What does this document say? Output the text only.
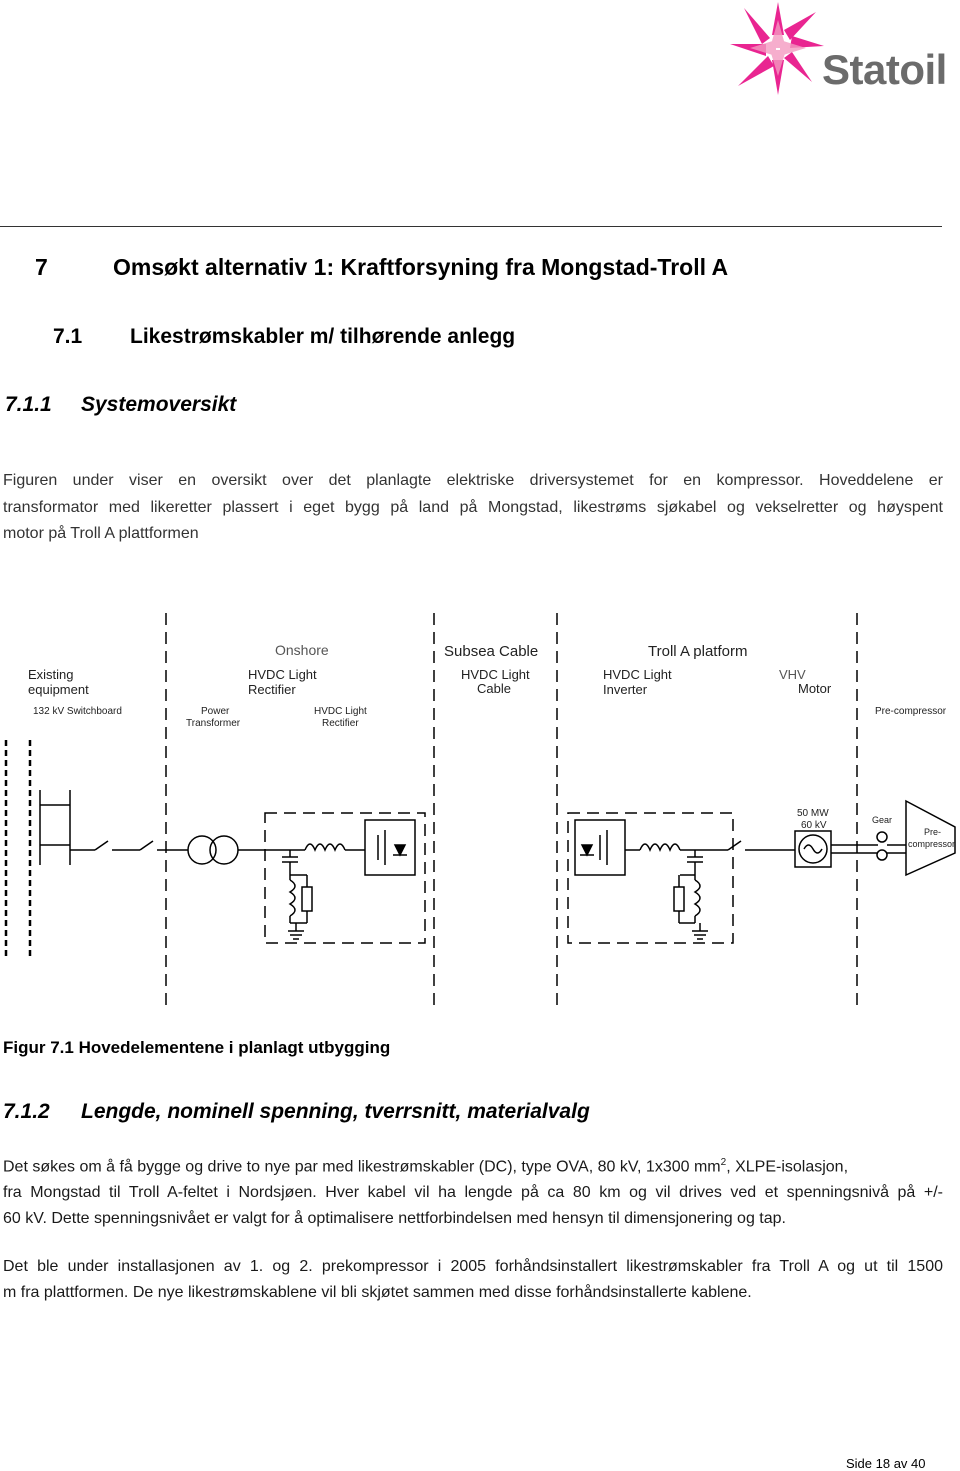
Statoil
7	Omsøkt alternativ 1: Kraftforsyning fra Mongstad-Troll A
7.1 Likestrømskabler m/ tilhørende anlegg
7.1.1 Systemoversikt
Figuren under viser en oversikt over det planlagte elektriske driversystemet for en kompressor. Hoveddelene er
transformator med likeretter plassert i eget bygg på land på Mongstad, likestrøms sjøkabel og vekselretter og høyspent
motor på Troll A plattformen
Onshore	Subsea Cable	Troll A platform
Existing
equipment
HVDC Light
Rectifier
HVDC Light
Cable
HVDC Light
Inverter
VHV
Motor
132 kV Switchboard	Power
Transformer
HVDC Light
Rectifier
Pre-compressor
50 MW
60 kV	Gear
Pre-
compressor
Figur 7.1 Hovedelementene i planlagt utbygging
7.1.2 Lengde, nominell spenning, tverrsnitt, materialvalg
Det søkes om å få bygge og drive to nye par med likestrømskabler (DC), type OVA, 80 kV, 1x300 $mm^2$, XLPE-isolasjon,
fra Mongstad til Troll A-feltet i Nordsjøen. Hver kabel vil ha lengde på ca 80 km og vil drives ved et spenningsnivå på +/-
60 kV. Dette spenningsnivået er valgt for å optimalisere nettforbindelsen med hensyn til dimensjonering og tap.
Det ble under installasjonen av 1. og 2. prekompressor i 2005 forhåndsinstallert likestrømskabler fra Troll A og ut til 1500
m fra plattformen. De nye likestrømskablene vil bli skjøtet sammen med disse forhåndsinstallerte kablene.
Side 18 av 40
